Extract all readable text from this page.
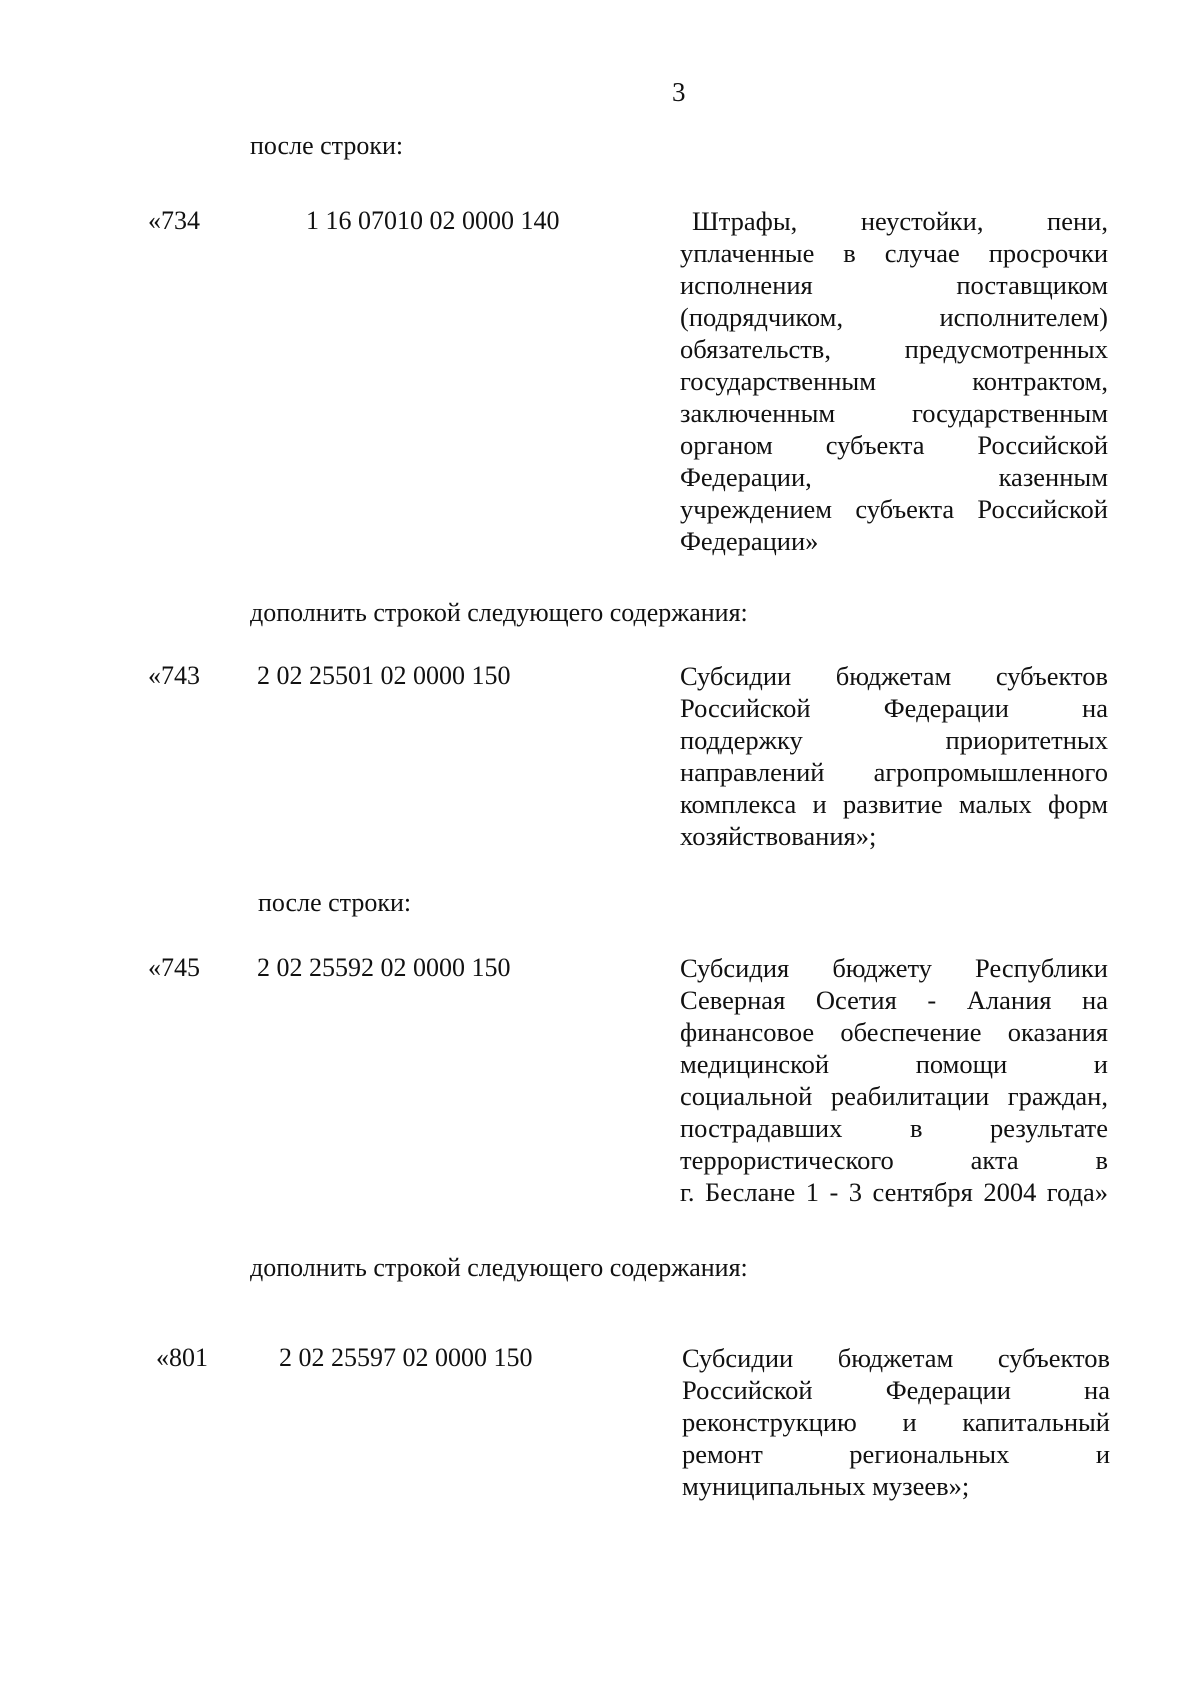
3
после строки:
«734	1 16 07010 02 0000 140	Штрафы, неустойки, пени,
уплаченные в случае просрочки
исполнения поставщиком
(подрядчиком, исполнителем)
обязательств, предусмотренных
государственным контрактом,
заключенным государственным
органом субъекта Российской
Федерации, казенным
учреждением субъекта Российской
Федерации»
дополнить строкой следующего содержания:
«743 2 02 25501 02 0000 150	Субсидии бюджетам субъектов
Российской Федерации на
поддержку приоритетных
направлений агропромышленного
комплекса и развитие малых форм
хозяйствования»;
после строки:
«745 2 02 25592 02 0000 150	Субсидия бюджету Республики
Северная Осетия - Алания на
финансовое обеспечение оказания
медицинской помощи и
социальной реабилитации граждан,
пострадавших в результате
террористического акта в
г. Беслане 1 - 3 сентября 2004 года»
дополнить строкой следующего содержания:
«801	2 02 25597 02 0000 150	Субсидии бюджетам субъектов
Российской Федерации на
реконструкцию и капитальный
ремонт региональных и
муниципальных музеев»;
